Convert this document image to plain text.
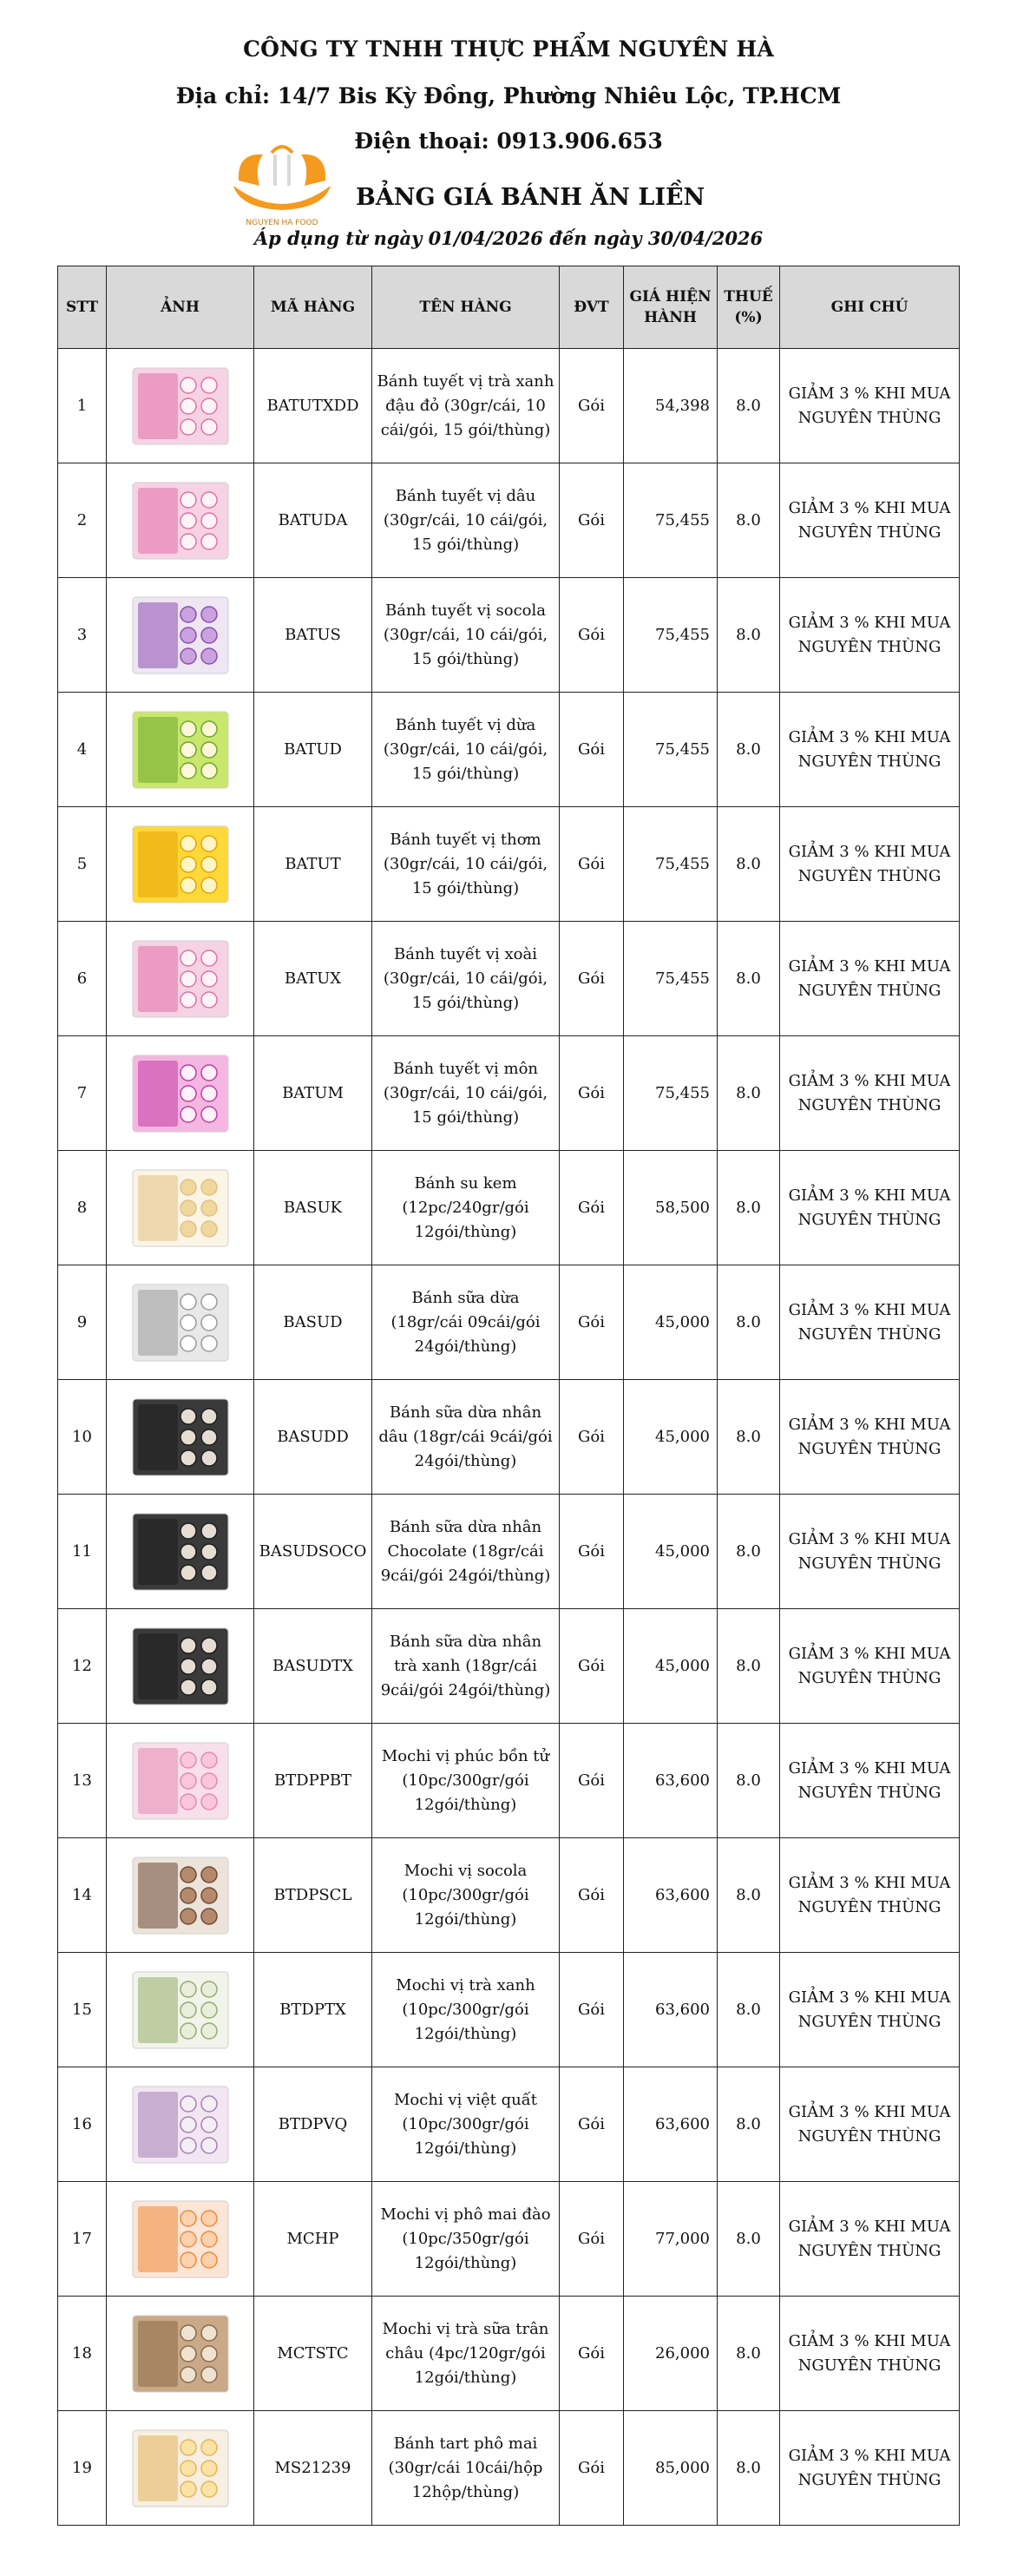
CÔNG TY TNHH THỰC PHẨM NGUYÊN HÀ
Địa chỉ: 14/7 Bis Kỳ Đồng, Phường Nhiêu Lộc, TP.HCM
Điện thoại: 0913.906.653
NGUYEN HA FOOD
BẢNG GIÁ BÁNH ĂN LIỀN
Áp dụng từ ngày 01/04/2026 đến ngày 30/04/2026
STT	ẢNH	MÃ HÀNG	TÊN HÀNG	ĐVT	GIÁ HIỆN HÀNH	THUẾ (%)	GHI CHÚ
1		BATUTXDD	Bánh tuyết vị trà xanh đậu đỏ (30gr/cái, 10 cái/gói, 15 gói/thùng)	Gói	54,398	8.0	GIẢM 3 % KHI MUA NGUYÊN THÙNG
2		BATUDA	Bánh tuyết vị dâu (30gr/cái, 10 cái/gói, 15 gói/thùng)	Gói	75,455	8.0	GIẢM 3 % KHI MUA NGUYÊN THÙNG
3		BATUS	Bánh tuyết vị socola (30gr/cái, 10 cái/gói, 15 gói/thùng)	Gói	75,455	8.0	GIẢM 3 % KHI MUA NGUYÊN THÙNG
4		BATUD	Bánh tuyết vị dừa (30gr/cái, 10 cái/gói, 15 gói/thùng)	Gói	75,455	8.0	GIẢM 3 % KHI MUA NGUYÊN THÙNG
5		BATUT	Bánh tuyết vị thơm (30gr/cái, 10 cái/gói, 15 gói/thùng)	Gói	75,455	8.0	GIẢM 3 % KHI MUA NGUYÊN THÙNG
6		BATUX	Bánh tuyết vị xoài (30gr/cái, 10 cái/gói, 15 gói/thùng)	Gói	75,455	8.0	GIẢM 3 % KHI MUA NGUYÊN THÙNG
7		BATUM	Bánh tuyết vị môn (30gr/cái, 10 cái/gói, 15 gói/thùng)	Gói	75,455	8.0	GIẢM 3 % KHI MUA NGUYÊN THÙNG
8		BASUK	Bánh su kem (12pc/240gr/gói 12gói/thùng)	Gói	58,500	8.0	GIẢM 3 % KHI MUA NGUYÊN THÙNG
9		BASUD	Bánh sữa dừa (18gr/cái 09cái/gói 24gói/thùng)	Gói	45,000	8.0	GIẢM 3 % KHI MUA NGUYÊN THÙNG
10		BASUDD	Bánh sữa dừa nhân dâu (18gr/cái 9cái/gói 24gói/thùng)	Gói	45,000	8.0	GIẢM 3 % KHI MUA NGUYÊN THÙNG
11		BASUDSOCO	Bánh sữa dừa nhân Chocolate (18gr/cái 9cái/gói 24gói/thùng)	Gói	45,000	8.0	GIẢM 3 % KHI MUA NGUYÊN THÙNG
12		BASUDTX	Bánh sữa dừa nhân trà xanh (18gr/cái 9cái/gói 24gói/thùng)	Gói	45,000	8.0	GIẢM 3 % KHI MUA NGUYÊN THÙNG
13		BTDPPBT	Mochi vị phúc bồn tử (10pc/300gr/gói 12gói/thùng)	Gói	63,600	8.0	GIẢM 3 % KHI MUA NGUYÊN THÙNG
14		BTDPSCL	Mochi vị socola (10pc/300gr/gói 12gói/thùng)	Gói	63,600	8.0	GIẢM 3 % KHI MUA NGUYÊN THÙNG
15		BTDPTX	Mochi vị trà xanh (10pc/300gr/gói 12gói/thùng)	Gói	63,600	8.0	GIẢM 3 % KHI MUA NGUYÊN THÙNG
16		BTDPVQ	Mochi vị việt quất (10pc/300gr/gói 12gói/thùng)	Gói	63,600	8.0	GIẢM 3 % KHI MUA NGUYÊN THÙNG
17		MCHP	Mochi vị phô mai đào (10pc/350gr/gói 12gói/thùng)	Gói	77,000	8.0	GIẢM 3 % KHI MUA NGUYÊN THÙNG
18		MCTSTC	Mochi vị trà sữa trân châu (4pc/120gr/gói 12gói/thùng)	Gói	26,000	8.0	GIẢM 3 % KHI MUA NGUYÊN THÙNG
19		MS21239	Bánh tart phô mai (30gr/cái 10cái/hộp 12hộp/thùng)	Gói	85,000	8.0	GIẢM 3 % KHI MUA NGUYÊN THÙNG
